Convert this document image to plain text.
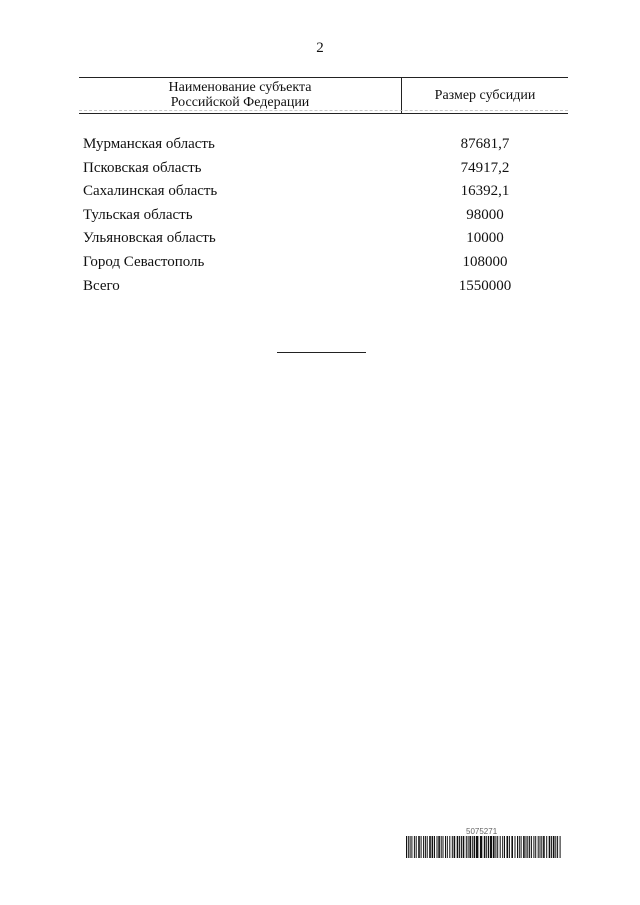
2
Наименование субъекта
Российской Федерации	Размер субсидии
Мурманская область	87681,7
Псковская область	74917,2
Сахалинская область	16392,1
Тульская область	98000
Ульяновская область	10000
Город Севастополь	108000
Всего	1550000
5075271
